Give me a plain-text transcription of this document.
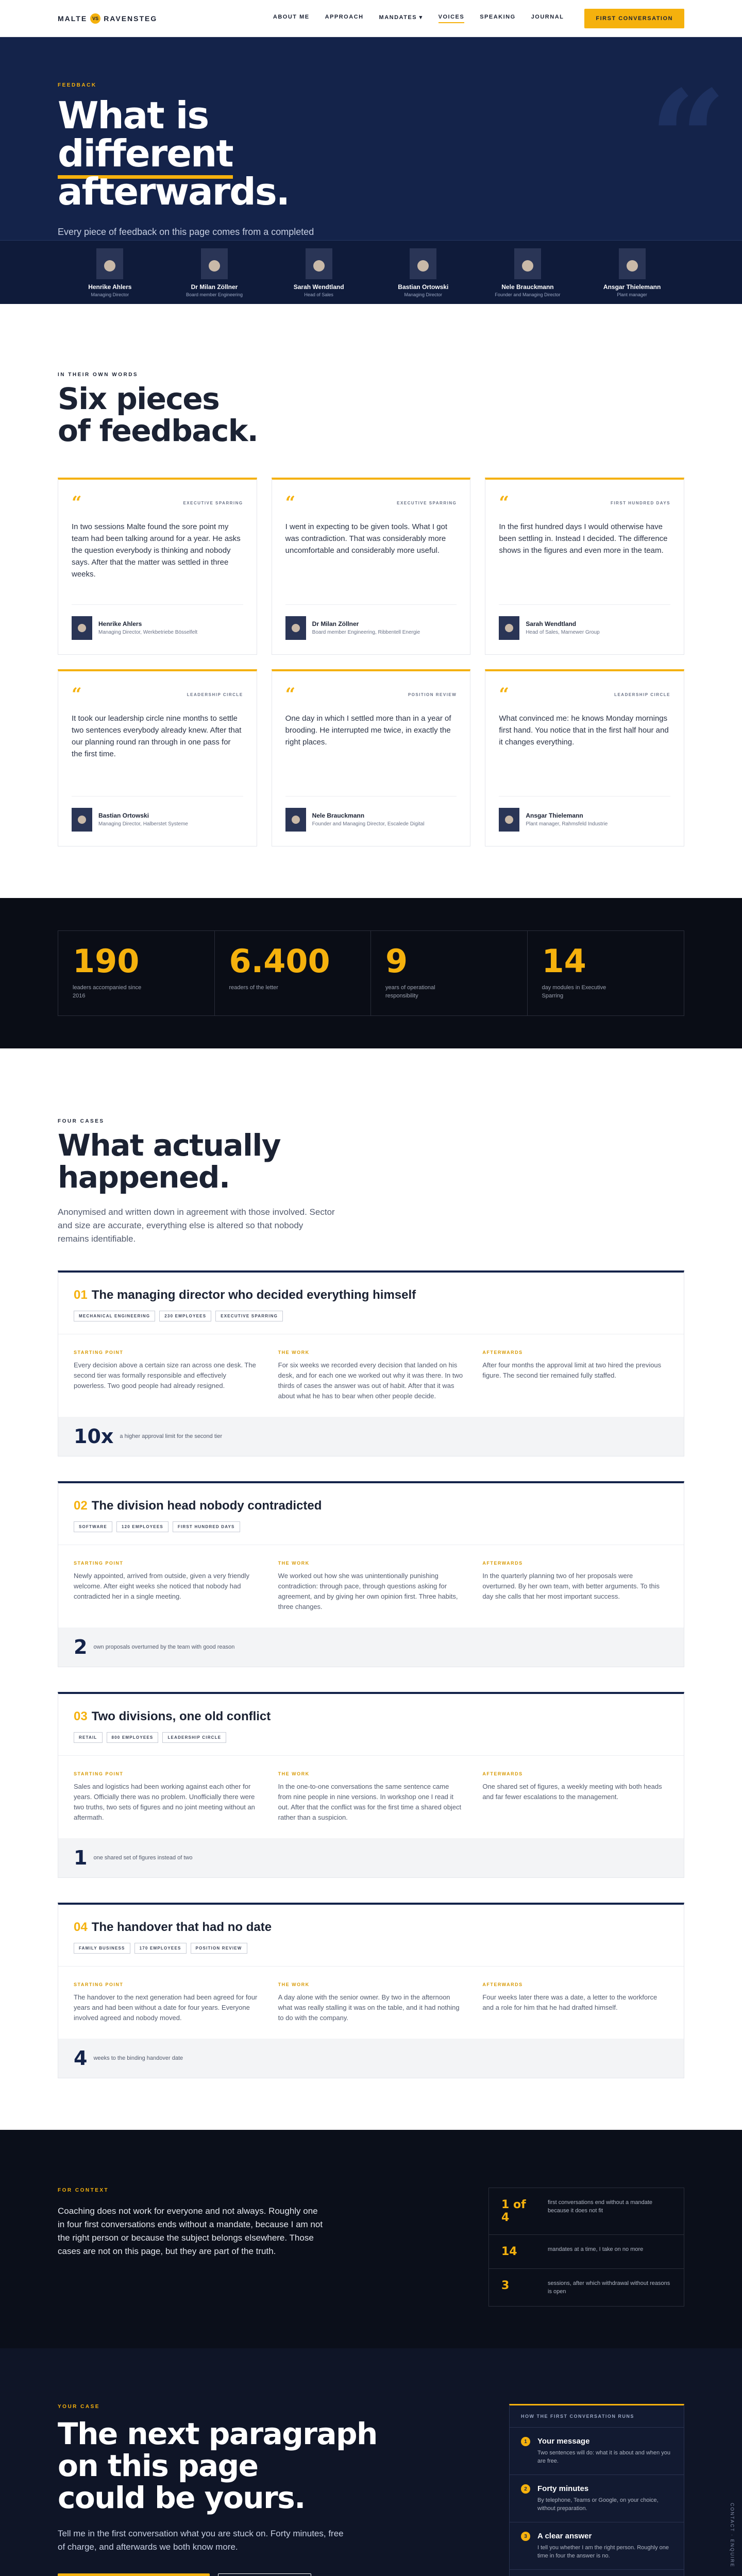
MALTE	VS RAVENSTEG	ABOUT ME	APPROACH	MANDATES ▾	VOICES	SPEAKING	JOURNAL	FIRST CONVERSATION
“
FEEDBACK
What is
different
afterwards.

Every piece of feedback on this page comes from a completed

Henrike Ahlers
Managing Director
Dr Milan Zöllner
Board member Engineering
Sarah Wendtland
Head of Sales
Bastian Ortowski
Managing Director
Nele Brauckmann
Founder and Managing Director
Ansgar Thielemann
Plant manager
IN THEIR OWN WORDS
Six pieces
of feedback.
“	EXECUTIVE SPARRING

In two sessions Malte found the sore point my team had been talking around for a year. He asks the question everybody is thinking and nobody says. After that the matter was settled in three weeks.

Henrike Ahlers
Managing Director, Werkbetriebe Bösselfelt
“	EXECUTIVE SPARRING

I went in expecting to be given tools. What I got was contradiction. That was considerably more uncomfortable and considerably more useful.

Dr Milan Zöllner
Board member Engineering, Ribbentell Energie
“	FIRST HUNDRED DAYS

In the first hundred days I would otherwise have been settling in. Instead I decided. The difference shows in the figures and even more in the team.

Sarah Wendtland
Head of Sales, Marnewer Group
“	LEADERSHIP CIRCLE

It took our leadership circle nine months to settle two sentences everybody already knew. After that our planning round ran through in one pass for the first time.

Bastian Ortowski
Managing Director, Halberstet Systeme
“	POSITION REVIEW

One day in which I settled more than in a year of brooding. He interrupted me twice, in exactly the right places.

Nele Brauckmann
Founder and Managing Director, Escalede Digital
“	LEADERSHIP CIRCLE

What convinced me: he knows Monday mornings first hand. You notice that in the first half hour and it changes everything.

Ansgar Thielemann
Plant manager, Rahmsfeld Industrie
190
leaders accompanied since 2016
6.400
readers of the letter
9
years of operational responsibility
14
day modules in Executive Sparring
FOUR CASES
What actually
happened.

Anonymised and written down in agreement with those involved. Sector and size are accurate, everything else is altered so that nobody remains identifiable.

01 The managing director who decided everything himself
MECHANICAL ENGINEERING	230 EMPLOYEES	EXECUTIVE SPARRING
STARTING POINT
Every decision above a certain size ran across one desk. The second tier was formally responsible and effectively powerless. Two good people had already resigned.
THE WORK
For six weeks we recorded every decision that landed on his desk, and for each one we worked out why it was there. In two thirds of cases the answer was out of habit. After that it was about what he has to bear when other people decide.
AFTERWARDS
After four months the approval limit at two hired the previous figure. The second tier remained fully staffed.
10x a higher approval limit for the second tier
02 The division head nobody contradicted
SOFTWARE	120 EMPLOYEES	FIRST HUNDRED DAYS
STARTING POINT
Newly appointed, arrived from outside, given a very friendly welcome. After eight weeks she noticed that nobody had contradicted her in a single meeting.
THE WORK
We worked out how she was unintentionally punishing contradiction: through pace, through questions asking for agreement, and by giving her own opinion first. Three habits, three changes.
AFTERWARDS
In the quarterly planning two of her proposals were overturned. By her own team, with better arguments. To this day she calls that her most important success.
2 own proposals overturned by the team with good reason
03 Two divisions, one old conflict
RETAIL	800 EMPLOYEES	LEADERSHIP CIRCLE
STARTING POINT
Sales and logistics had been working against each other for years. Officially there was no problem. Unofficially there were two truths, two sets of figures and no joint meeting without an aftermath.
THE WORK
In the one-to-one conversations the same sentence came from nine people in nine versions. In workshop one I read it out. After that the conflict was for the first time a shared object rather than a suspicion.
AFTERWARDS
One shared set of figures, a weekly meeting with both heads and far fewer escalations to the management.
1 one shared set of figures instead of two
04 The handover that had no date
FAMILY BUSINESS	170 EMPLOYEES	POSITION REVIEW
STARTING POINT
The handover to the next generation had been agreed for four years and had been without a date for four years. Everyone involved agreed and nobody moved.
THE WORK
A day alone with the senior owner. By two in the afternoon what was really stalling it was on the table, and it had nothing to do with the company.
AFTERWARDS
Four weeks later there was a date, a letter to the workforce and a role for him that he had drafted himself.
4 weeks to the binding handover date
FOR CONTEXT

Coaching does not work for everyone and not always. Roughly one in four first conversations ends without a mandate, because I am not the right person or because the subject belongs elsewhere. Those cases are not on this page, but they are part of the truth.

1 of 4
first conversations end without a mandate because it does not fit
14	mandates at a time, I take on no more
3	sessions, after which withdrawal without reasons is open
CONTACT · ENQUIRE
YOUR CASE
The next paragraph
on this page
could be yours.

Tell me in the first conversation what you are stuck on. Forty minutes, free of charge, and afterwards we both know more.

HOW THE FIRST CONVERSATION RUNS
1	Your message
Two sentences will do: what it is about and when you are free.
2	Forty minutes
By telephone, Teams or Google, on your choice, without preparation.
3	A clear answer
I tell you whether I am the right person. Roughly one time in four the answer is no.
